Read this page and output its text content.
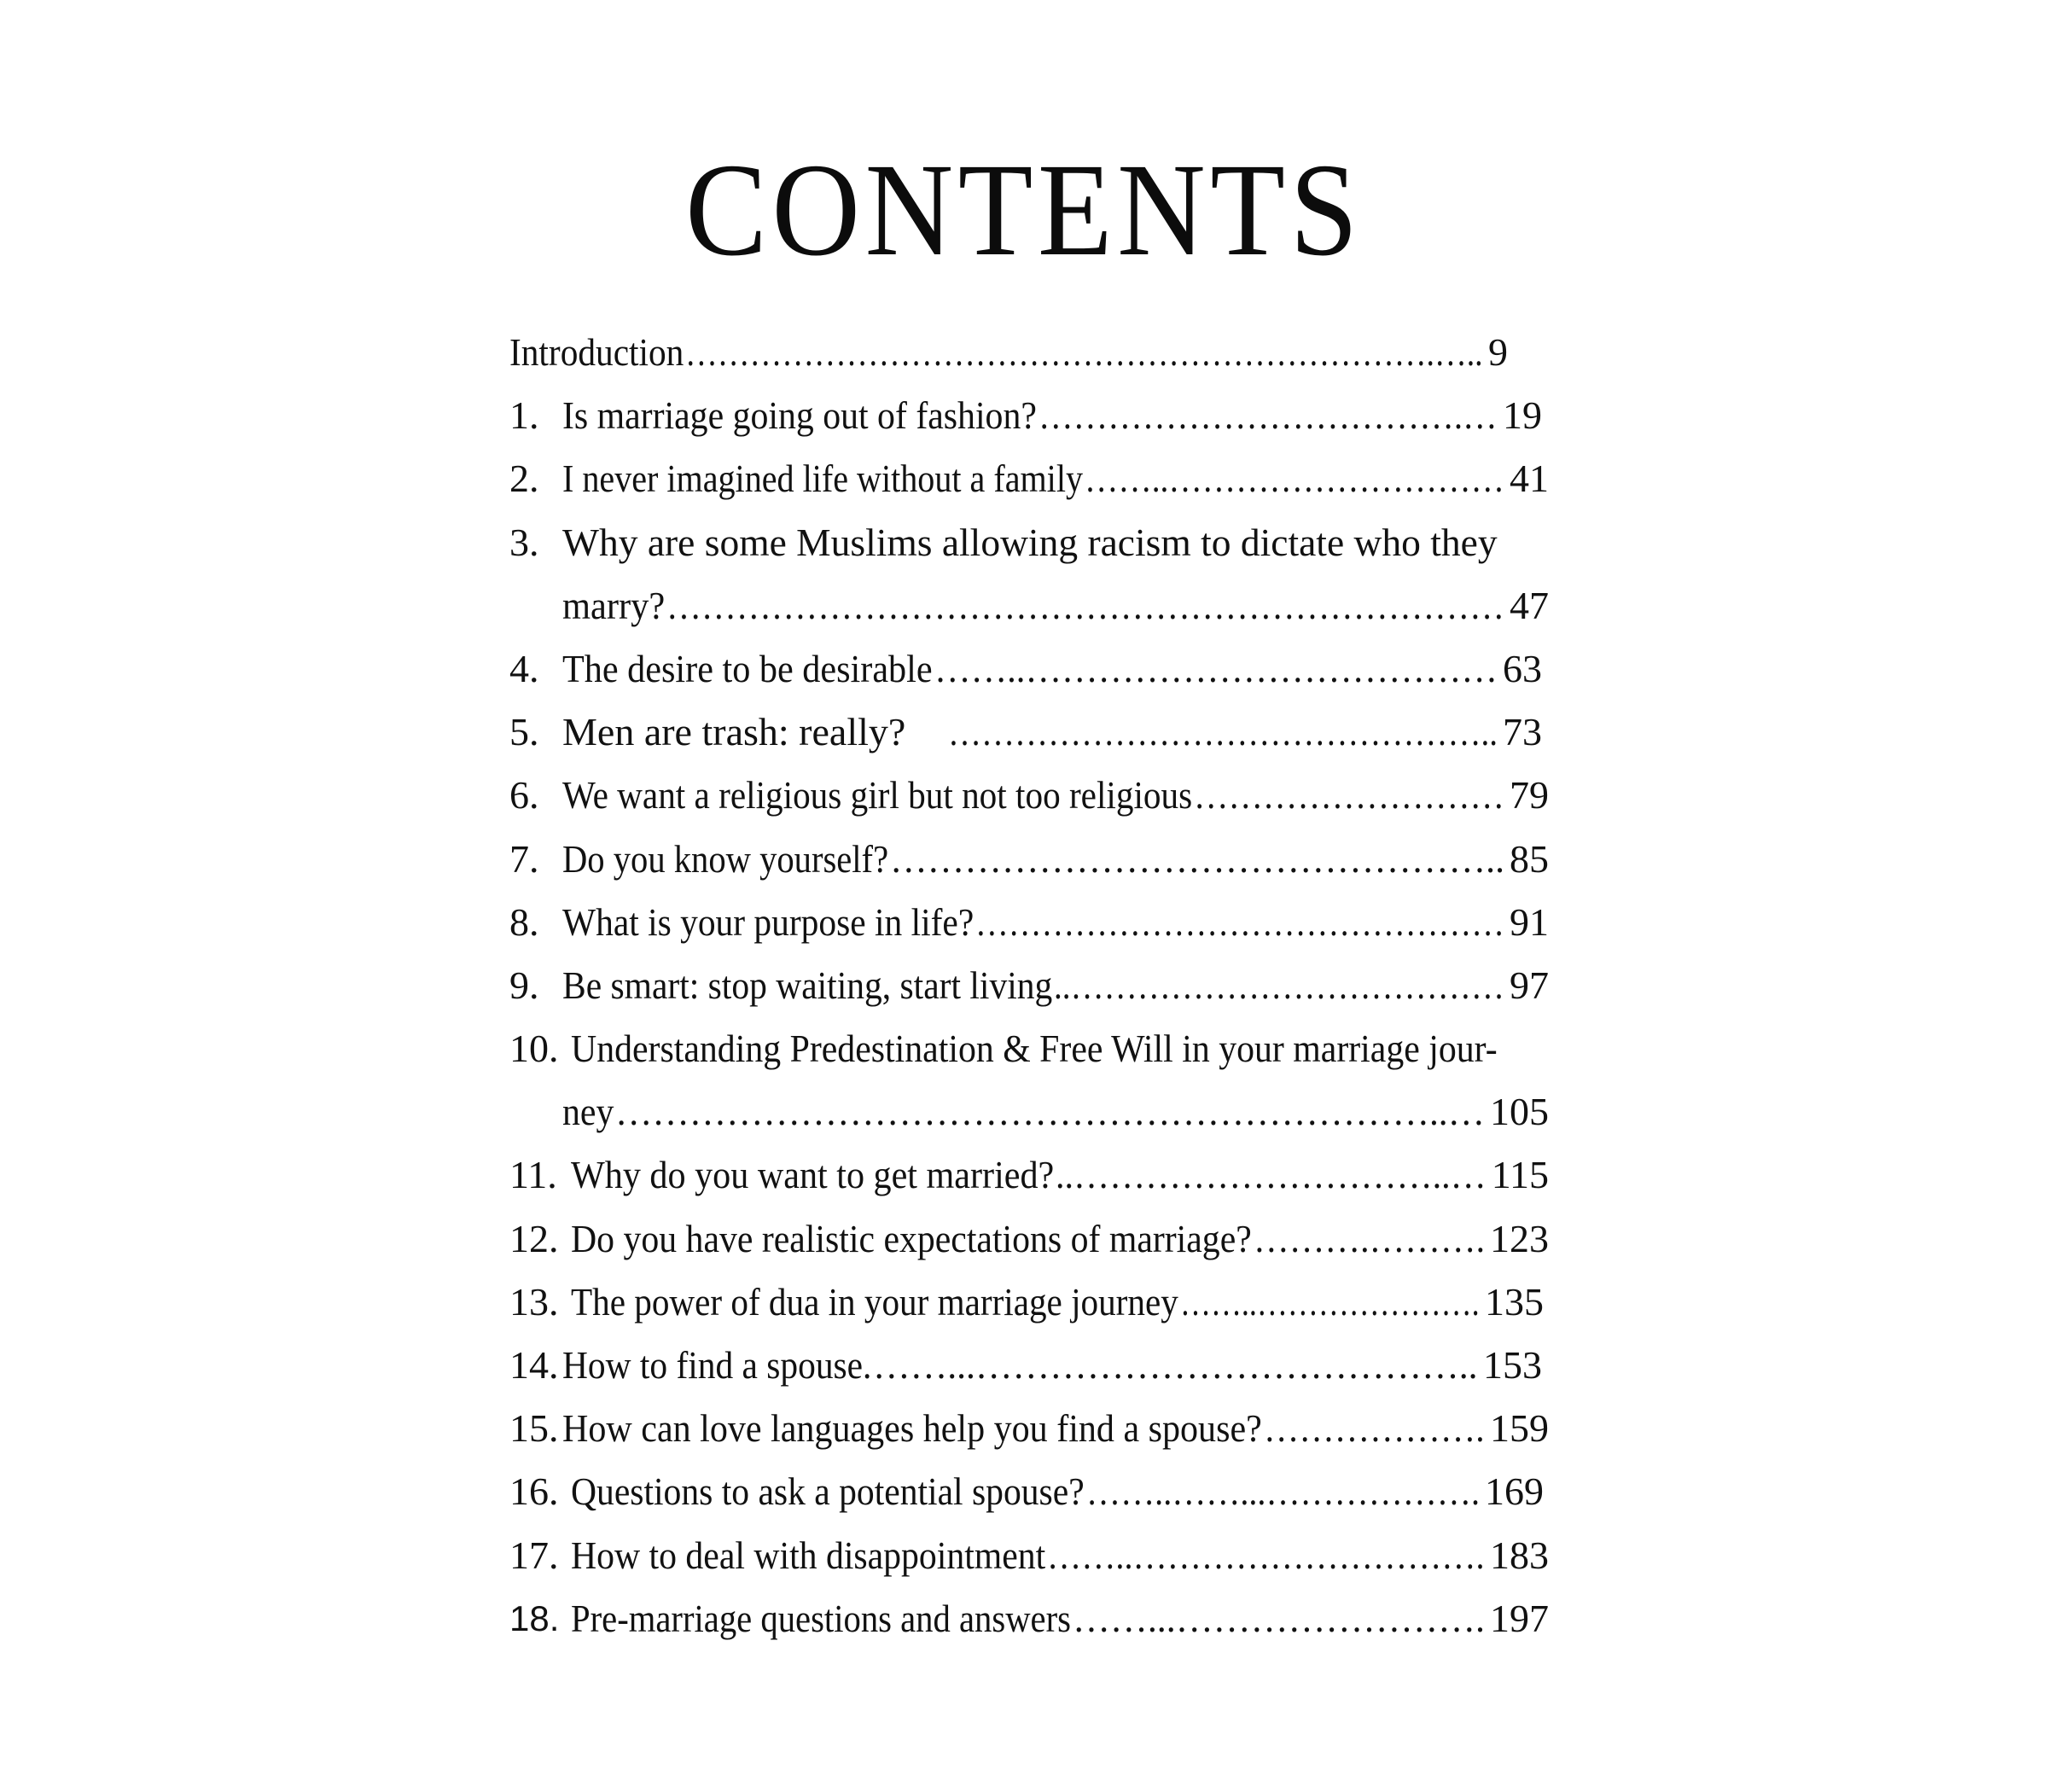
CONTENTS
Introduction …………………………………………………………….….. 9
1. Is marriage going out of fashion? ……………………………….… 19
2. I never imagined life without a family ……..………………………… 41
3. Why are some Muslims allowing racism to dictate who they
marry? ……………………………………………………………… 47
4. The desire to be desirable ……..………………………………… 63
5. Men are trash: really? ………………………………………….. 73
6. We want a religious girl but not too religious ……………………… 79
7. Do you know yourself? ………………………………………….. 85
8. What is your purpose in life? ………………………………………… 91
9. Be smart: stop waiting, start living ..………………………………… 97
10. Understanding Predestination & Free Will in your marriage jour-
ney …………………………………………………………..… 105
11. Why do you want to get married? ..…………………………..… 115
12. Do you have realistic expectations of marriage? ……….………. 123
13. The power of dua in your marriage journey ……..…………………. 135
14. How to find a spouse. ……...………………………………….. 153
15. How can love languages help you find a spouse? ………………. 159
16. Questions to ask a potential spouse? ……..……...………………. 169
17. How to deal with disappointment ……..…………………………. 183
18. Pre-marriage questions and answers ……...……………………. 197
